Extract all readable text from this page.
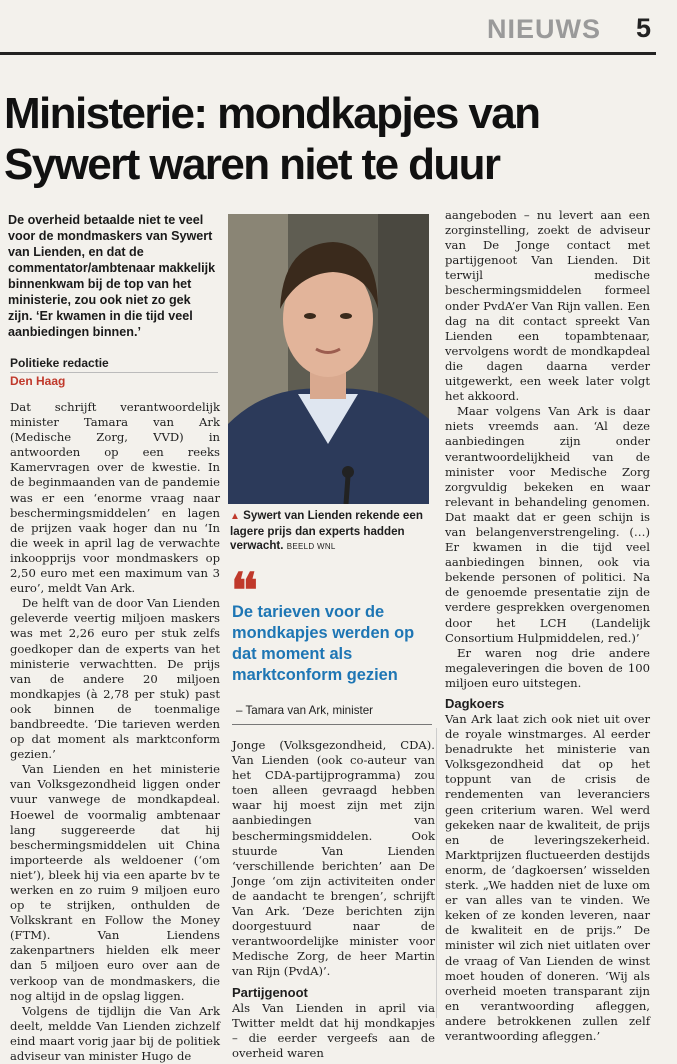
NIEUWS 5
Ministerie: mondkapjes van
Sywert waren niet te duur
De overheid betaalde niet te veel voor de mondmaskers van Sywert van Lienden, en dat de commentator/ambtenaar makkelijk binnenkwam bij de top van het ministerie, zou ook niet zo gek zijn. ‘Er kwamen in die tijd veel aanbiedingen binnen.’
Politieke redactie
Den Haag

Dat schrijft verantwoordelijk minister Tamara van Ark (Medische Zorg, VVD) in antwoorden op een reeks Kamervragen over de kwestie. In de beginmaanden van de pandemie was er een ‘enorme vraag naar beschermingsmiddelen’ en lagen de prijzen vaak hoger dan nu ‘In die week in april lag de verwachte inkoopprijs voor mondmaskers op 2,50 euro met een maximum van 3 euro’, meldt Van Ark.

De helft van de door Van Lienden geleverde veertig miljoen maskers was met 2,26 euro per stuk zelfs goedkoper dan de experts van het ministerie verwachtten. De prijs van de andere 20 miljoen mondkapjes (à 2,78 per stuk) past ook binnen de toenmalige bandbreedte. ‘Die tarieven werden op dat moment als marktconform gezien.’

Van Lienden en het ministerie van Volksgezondheid liggen onder vuur vanwege de mondkapdeal. Hoewel de voormalig ambtenaar lang suggereerde dat hij beschermingsmiddelen uit China importeerde als weldoener (‘om niet’), bleek hij via een aparte bv te werken en zo ruim 9 miljoen euro op te strijken, onthulden de Volkskrant en Follow the Money (FTM). Van Liendens zakenpartners hielden elk meer dan 5 miljoen euro over aan de verkoop van de mondmaskers, die nog altijd in de opslag liggen.

Volgens de tijdlijn die Van Ark deelt, meldde Van Lienden zichzelf eind maart vorig jaar bij de politiek adviseur van minister Hugo de

▲ Sywert van Lienden rekende een lagere prijs dan experts hadden verwacht. BEELD WNL
❛❛
De tarieven voor de mondkapjes werden op dat moment als marktconform gezien
– Tamara van Ark, minister

Jonge (Volksgezondheid, CDA). Van Lienden (ook co-auteur van het CDA-partijprogramma) zou toen alleen gevraagd hebben waar hij moest zijn met zijn aanbiedingen van beschermingsmiddelen. Ook stuurde Van Lienden ‘verschillende berichten’ aan De Jonge ‘om zijn activiteiten onder de aandacht te brengen’, schrijft Van Ark. ‘Deze berichten zijn doorgestuurd naar de verantwoordelijke minister voor Medische Zorg, de heer Martin van Rijn (PvdA)’.

Partijgenoot

Als Van Lienden in april via Twitter meldt dat hij mondkapjes – die eerder vergeefs aan de overheid waren

aangeboden – nu levert aan een zorginstelling, zoekt de adviseur van De Jonge contact met partijgenoot Van Lienden. Dit terwijl medische beschermingsmiddelen formeel onder PvdA’er Van Rijn vallen. Een dag na dit contact spreekt Van Lienden een topambtenaar, vervolgens wordt de mondkapdeal die dagen daarna verder uitgewerkt, een week later volgt het akkoord.

Maar volgens Van Ark is daar niets vreemds aan. ‘Al deze aanbiedingen zijn onder verantwoordelijkheid van de minister voor Medische Zorg zorgvuldig bekeken en waar relevant in behandeling genomen. Dat maakt dat er geen schijn is van belangenverstrengeling. (…) Er kwamen in die tijd veel aanbiedingen binnen, ook via bekende personen of politici. Na de genoemde presentatie zijn de verdere gesprekken overgenomen door het LCH (Landelijk Consortium Hulpmiddelen, red.)’

Er waren nog drie andere megaleveringen die boven de 100 miljoen euro uitstegen.

Dagkoers

Van Ark laat zich ook niet uit over de royale winstmarges. Al eerder benadrukte het ministerie van Volksgezondheid dat op het toppunt van de crisis de rendementen van leveranciers geen criterium waren. Wel werd gekeken naar de kwaliteit, de prijs en de leveringszekerheid. Marktprijzen fluctueerden destijds enorm, de ‘dagkoersen’ wisselden sterk. „We hadden niet de luxe om er van alles van te vinden. We keken of ze konden leveren, naar de kwaliteit en de prijs.” De minister wil zich niet uitlaten over de vraag of Van Lienden de winst moet houden of doneren. ‘Wij als overheid moeten transparant zijn en verantwoording afleggen, andere betrokkenen zullen zelf verantwoording afleggen.’
